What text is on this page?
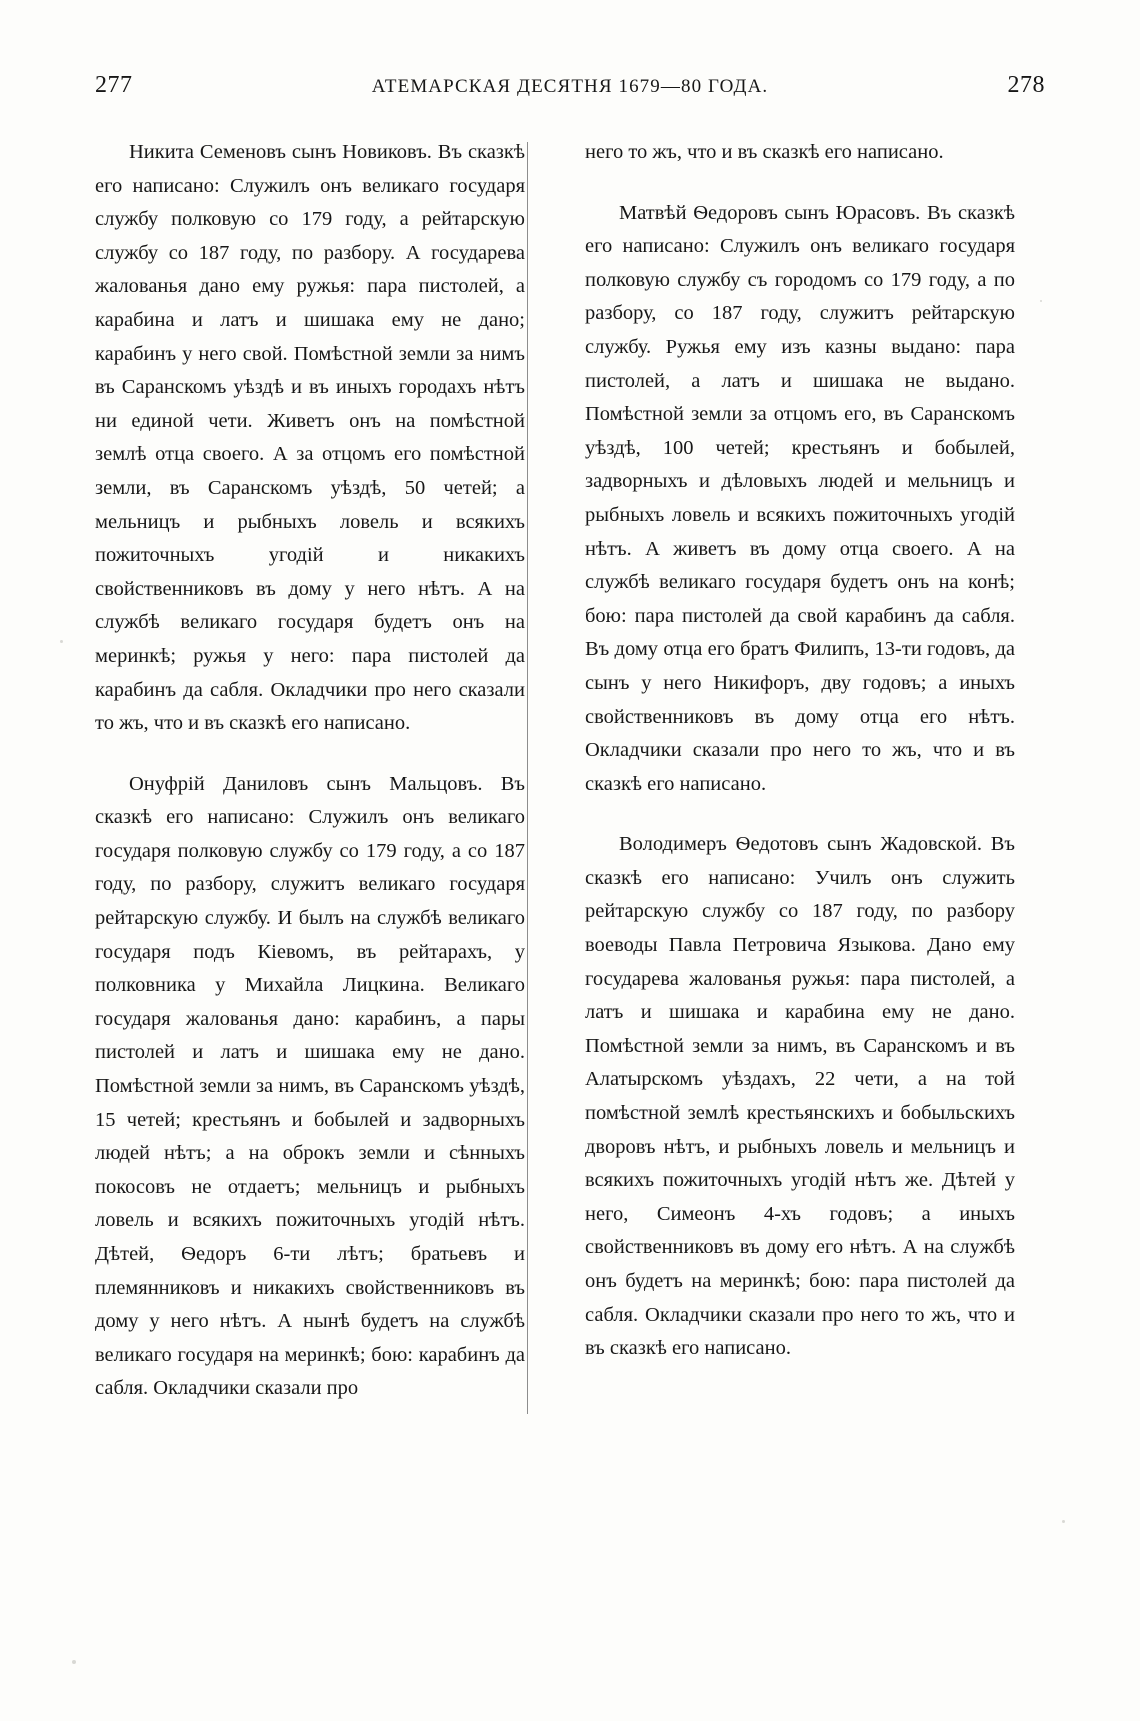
277	АТЕМАРСКАЯ ДЕСЯТНЯ 1679—80 ГОДА.	278

Никита Семеновъ сынъ Новиковъ. Въ сказкѣ его написано: Служилъ онъ великаго государя службу полковую со 179 году, а рейтарскую службу со 187 году, по разбору. А государева жалованья дано ему ружья: пара пистолей, а карабина и латъ и шишака ему не дано; карабинъ у него свой. Помѣстной земли за нимъ въ Саранскомъ уѣздѣ и въ иныхъ городахъ нѣтъ ни единой чети. Живетъ онъ на помѣстной землѣ отца своего. А за отцомъ его помѣстной земли, въ Саранскомъ уѣздѣ, 50 четей; а мельницъ и рыбныхъ ловель и всякихъ пожиточныхъ угодій и никакихъ свойственниковъ въ дому у него нѣтъ. А на службѣ великаго государя будетъ онъ на меринкѣ; ружья у него: пара пистолей да карабинъ да сабля. Окладчики про него сказали то жъ, что и въ сказкѣ его написано.

Онуфрій Даниловъ сынъ Мальцовъ. Въ сказкѣ его написано: Служилъ онъ великаго государя полковую службу со 179 году, а со 187 году, по разбору, служитъ великаго государя рейтарскую службу. И былъ на службѣ великаго государя подъ Кіевомъ, въ рейтарахъ, у полковника у Михайла Лицкина. Великаго государя жалованья дано: карабинъ, а пары пистолей и латъ и шишака ему не дано. Помѣстной земли за нимъ, въ Саранскомъ уѣздѣ, 15 четей; крестьянъ и бобылей и задворныхъ людей нѣтъ; а на оброкъ земли и сѣнныхъ покосовъ не отдаетъ; мельницъ и рыбныхъ ловель и всякихъ пожиточныхъ угодій нѣтъ. Дѣтей, Ѳедоръ 6-ти лѣтъ; братьевъ и племянниковъ и никакихъ свойственниковъ въ дому у него нѣтъ. А нынѣ будетъ на службѣ великаго государя на меринкѣ; бою: карабинъ да сабля. Окладчики сказали про

него то жъ, что и въ сказкѣ его написано.

Матвѣй Ѳедоровъ сынъ Юрасовъ. Въ сказкѣ его написано: Служилъ онъ великаго государя полковую службу съ городомъ со 179 году, а по разбору, со 187 году, служитъ рейтарскую службу. Ружья ему изъ казны выдано: пара пистолей, а латъ и шишака не выдано. Помѣстной земли за отцомъ его, въ Саранскомъ уѣздѣ, 100 четей; крестьянъ и бобылей, задворныхъ и дѣловыхъ людей и мельницъ и рыбныхъ ловель и всякихъ пожиточныхъ угодій нѣтъ. А живетъ въ дому отца своего. А на службѣ великаго государя будетъ онъ на конѣ; бою: пара пистолей да свой карабинъ да сабля. Въ дому отца его братъ Филипъ, 13-ти годовъ, да сынъ у него Никифоръ, дву годовъ; а иныхъ свойственниковъ въ дому отца его нѣтъ. Окладчики сказали про него то жъ, что и въ сказкѣ его написано.

Володимеръ Ѳедотовъ сынъ Жадовской. Въ сказкѣ его написано: Училъ онъ служить рейтарскую службу со 187 году, по разбору воеводы Павла Петровича Языкова. Дано ему государева жалованья ружья: пара пистолей, а латъ и шишака и карабина ему не дано. Помѣстной земли за нимъ, въ Саранскомъ и въ Алатырскомъ уѣздахъ, 22 чети, а на той помѣстной землѣ крестьянскихъ и бобыльскихъ дворовъ нѣтъ, и рыбныхъ ловель и мельницъ и всякихъ пожиточныхъ угодій нѣтъ же. Дѣтей у него, Симеонъ 4-хъ годовъ; а иныхъ свойственниковъ въ дому его нѣтъ. А на службѣ онъ будетъ на меринкѣ; бою: пара пистолей да сабля. Окладчики сказали про него то жъ, что и въ сказкѣ его написано.
